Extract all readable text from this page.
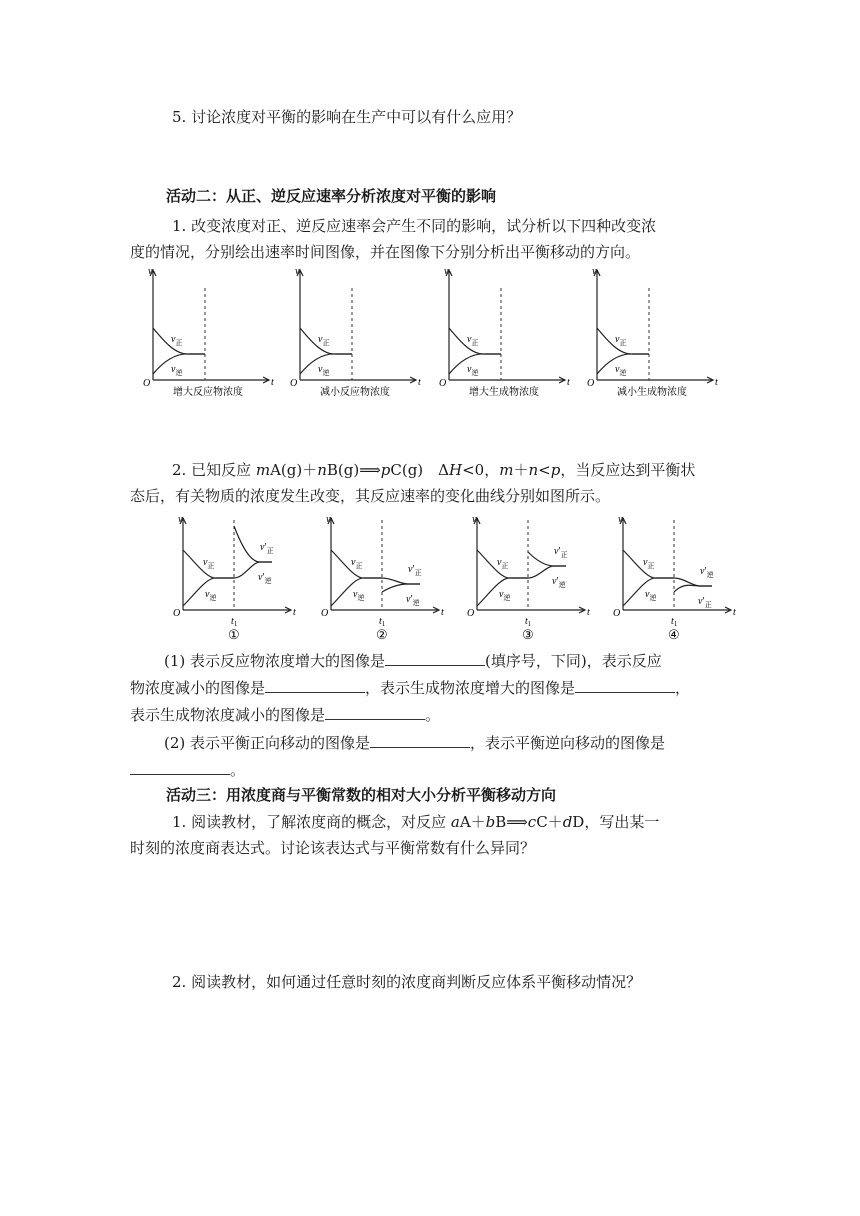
5. 讨论浓度对平衡的影响在生产中可以有什么应用？
活动二：从正、逆反应速率分析浓度对平衡的影响
1. 改变浓度对正、逆反应速率会产生不同的影响，试分析以下四种改变浓
度的情况，分别绘出速率时间图像，并在图像下分别分析出平衡移动的方向。
v
O	t
$v_正$
$v_逆$
增大反应物浓度
v
O	t
$v_正$
$v_逆$
减小反应物浓度
v
O	t
$v_正$
$v_逆$
增大生成物浓度
v
O	t
$v_正$
$v_逆$
减小生成物浓度
2. 已知反应 mA(g)＋nB(g)⟹pC(g)　ΔH<0，m＋n<p，当反应达到平衡状
态后，有关物质的浓度发生改变，其反应速率的变化曲线分别如图所示。
v
O	t
$v_正$
$v_逆$
$v'_正$
$v'_逆$
$t_1$
①
v
O	t
$v_正$
$v_逆$
$v'_正$
$v'_逆$
$t_1$
②
v
O	t
$v_正$
$v_逆$
$v'_正$
$v'_逆$
$t_1$
③
v
O	t
$v_正$
$v_逆$
$v'_逆$
$v'_正$
$t_1$
④
(1) 表示反应物浓度增大的图像是	(填序号，下同)，表示反应
物浓度减小的图像是	，表示生成物浓度增大的图像是	，
表示生成物浓度减小的图像是	。
(2) 表示平衡正向移动的图像是	，表示平衡逆向移动的图像是
。
活动三：用浓度商与平衡常数的相对大小分析平衡移动方向
1. 阅读教材，了解浓度商的概念，对反应 aA＋bB⟹cC＋dD，写出某一
时刻的浓度商表达式。讨论该表达式与平衡常数有什么异同？
2. 阅读教材，如何通过任意时刻的浓度商判断反应体系平衡移动情况？
